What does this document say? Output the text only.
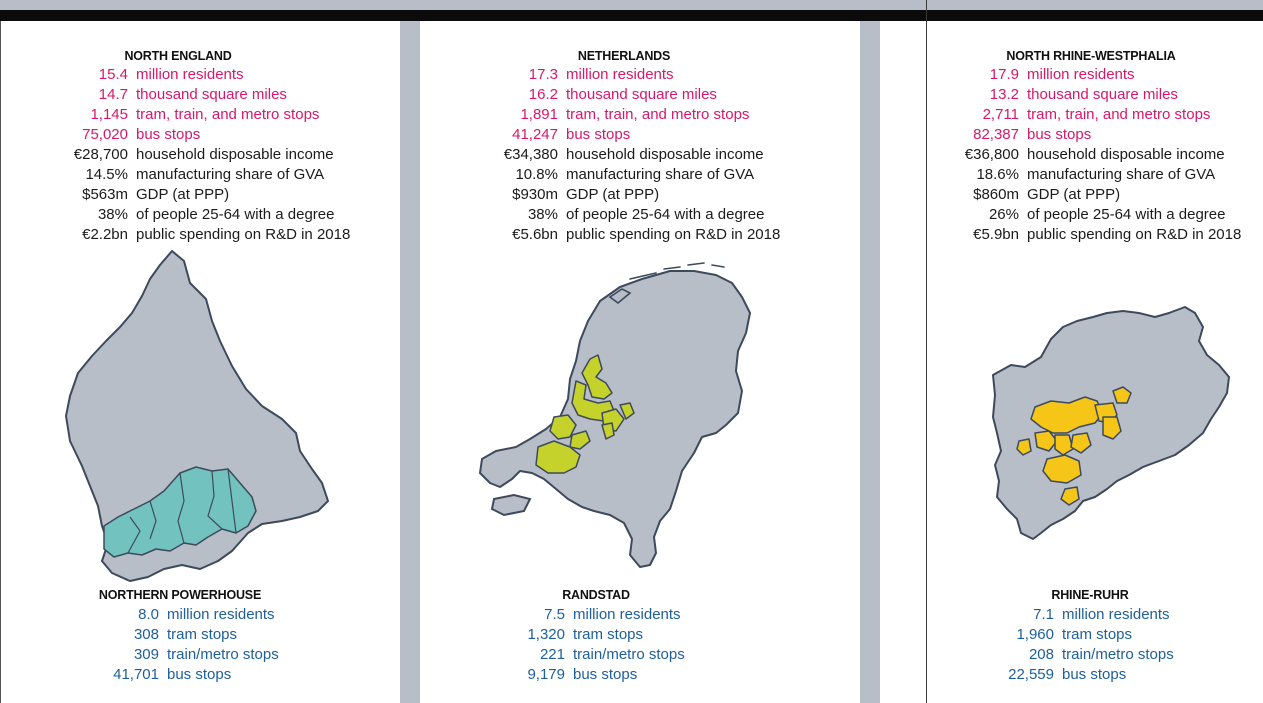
NORTH ENGLAND
15.4 million residents
14.7 thousand square miles
1,145 tram, train, and metro stops
75,020 bus stops
€28,700 household disposable income
14.5% manufacturing share of GVA
$563m GDP (at PPP)
38% of people 25-64 with a degree
€2.2bn public spending on R&D in 2018
NORTHERN POWERHOUSE
8.0 million residents
308 tram stops
309 train/metro stops
41,701 bus stops
NETHERLANDS
17.3 million residents
16.2 thousand square miles
1,891 tram, train, and metro stops
41,247 bus stops
€34,380 household disposable income
10.8% manufacturing share of GVA
$930m GDP (at PPP)
38% of people 25-64 with a degree
€5.6bn public spending on R&D in 2018
RANDSTAD
7.5 million residents
1,320 tram stops
221 train/metro stops
9,179 bus stops
NORTH RHINE-WESTPHALIA
17.9 million residents
13.2 thousand square miles
2,711 tram, train, and metro stops
82,387 bus stops
€36,800 household disposable income
18.6% manufacturing share of GVA
$860m GDP (at PPP)
26% of people 25-64 with a degree
€5.9bn public spending on R&D in 2018
RHINE-RUHR
7.1 million residents
1,960 tram stops
208 train/metro stops
22,559 bus stops
